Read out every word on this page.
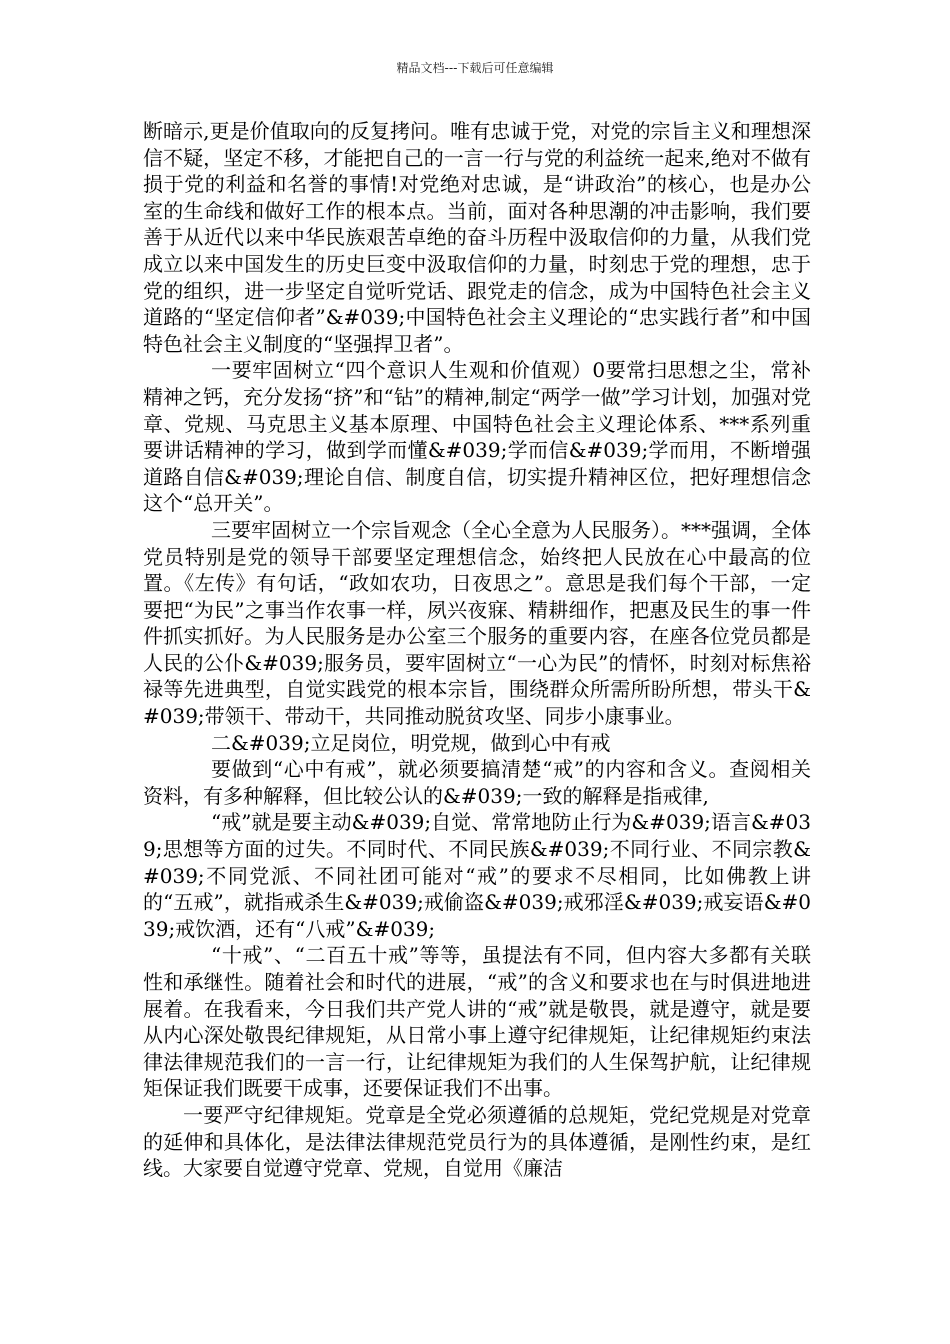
精品文档---下载后可任意编辑

断暗示,更是价值取向的反复拷问。唯有忠诚于党，对党的宗旨主义和理想深信不疑，坚定不移，才能把自己的一言一行与党的利益统一起来,绝对不做有损于党的利益和名誉的事情!对党绝对忠诚，是“讲政治”的核心，也是办公室的生命线和做好工作的根本点。当前，面对各种思潮的冲击影响，我们要善于从近代以来中华民族艰苦卓绝的奋斗历程中汲取信仰的力量，从我们党成立以来中国发生的历史巨变中汲取信仰的力量，时刻忠于党的理想，忠于党的组织，进一步坚定自觉听党话、跟党走的信念，成为中国特色社会主义道路的“坚定信仰者”&#039;中国特色社会主义理论的“忠实践行者”和中国特色社会主义制度的“坚强捍卫者”。

一要牢固树立“四个意识人生观和价值观）0要常扫思想之尘，常补精神之钙，充分发扬“挤”和“钻”的精神,制定“两学一做”学习计划，加强对党章、党规、马克思主义基本原理、中国特色社会主义理论体系、***系列重要讲话精神的学习，做到学而懂&#039;学而信&#039;学而用，不断增强道路自信&#039;理论自信、制度自信，切实提升精神区位，把好理想信念这个“总开关”。

三要牢固树立一个宗旨观念（全心全意为人民服务）。***强调，全体党员特别是党的领导干部要坚定理想信念，始终把人民放在心中最高的位置。《左传》有句话，“政如农功，日夜思之”。意思是我们每个干部，一定要把“为民”之事当作农事一样，夙兴夜寐、精耕细作，把惠及民生的事一件件抓实抓好。为人民服务是办公室三个服务的重要内容，在座各位党员都是人民的公仆&#039;服务员，要牢固树立“一心为民”的情怀，时刻对标焦裕禄等先进典型，自觉实践党的根本宗旨，围绕群众所需所盼所想，带头干&#039;带领干、带动干，共同推动脱贫攻坚、同步小康事业。

二&#039;立足岗位，明党规，做到心中有戒

要做到“心中有戒”，就必须要搞清楚“戒”的内容和含义。查阅相关资料，有多种解释，但比较公认的&#039;一致的解释是指戒律,

“戒”就是要主动&#039;自觉、常常地防止行为&#039;语言&#039;思想等方面的过失。不同时代、不同民族&#039;不同行业、不同宗教&#039;不同党派、不同社团可能对“戒”的要求不尽相同，比如佛教上讲的“五戒”，就指戒杀生&#039;戒偷盗&#039;戒邪淫&#039;戒妄语&#039;戒饮酒，还有“八戒”&#039;

“十戒”、“二百五十戒”等等，虽提法有不同，但内容大多都有关联性和承继性。随着社会和时代的进展，“戒”的含义和要求也在与时俱进地进展着。在我看来，今日我们共产党人讲的“戒”就是敬畏，就是遵守，就是要从内心深处敬畏纪律规矩，从日常小事上遵守纪律规矩，让纪律规矩约束法律法律规范我们的一言一行，让纪律规矩为我们的人生保驾护航，让纪律规矩保证我们既要干成事，还要保证我们不出事。

一要严守纪律规矩。党章是全党必须遵循的总规矩，党纪党规是对党章的延伸和具体化，是法律法律规范党员行为的具体遵循，是刚性约束，是红线。大家要自觉遵守党章、党规，自觉用《廉洁
